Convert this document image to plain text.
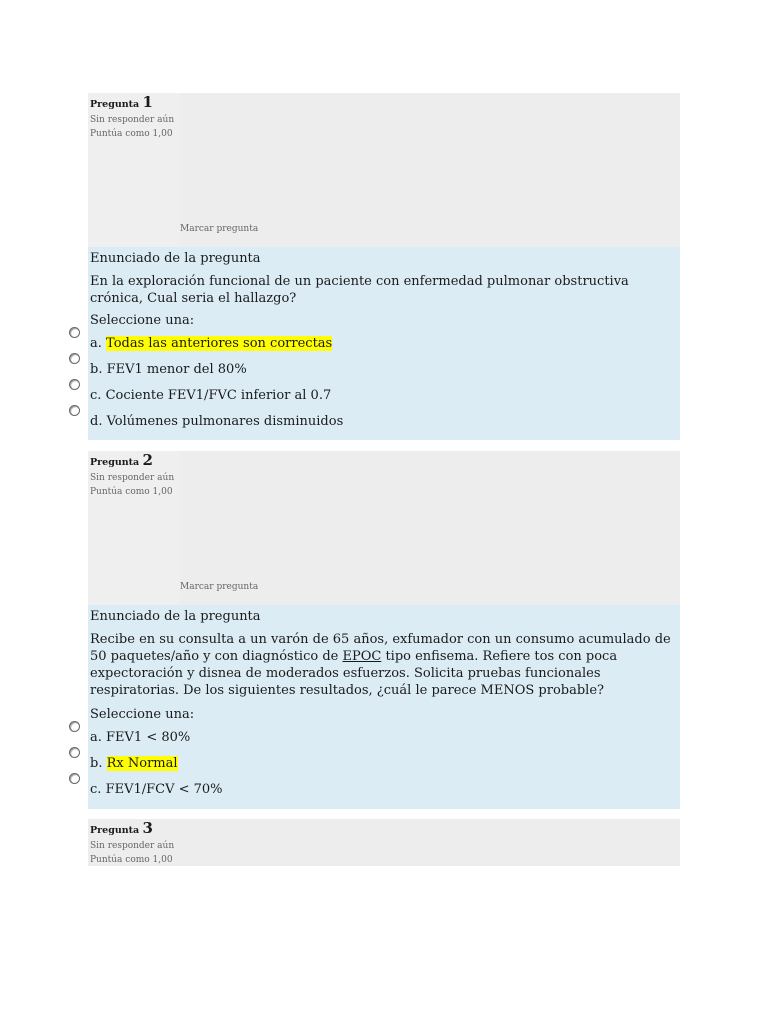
Pregunta 1
Sin responder aún
Puntúa como 1,00
Marcar pregunta
Enunciado de la pregunta
En la exploración funcional de un paciente con enfermedad pulmonar obstructiva crónica, Cual seria el hallazgo?
Seleccione una:
a. Todas las anteriores son correctas
b. FEV1 menor del 80%
c. Cociente FEV1/FVC inferior al 0.7
d. Volúmenes pulmonares disminuidos
Pregunta 2
Sin responder aún
Puntúa como 1,00
Marcar pregunta
Enunciado de la pregunta
Recibe en su consulta a un varón de 65 años, exfumador con un consumo acumulado de 50 paquetes/año y con diagnóstico de EPOC tipo enfisema. Refiere tos con poca expectoración y disnea de moderados esfuerzos. Solicita pruebas funcionales respiratorias. De los siguientes resultados, ¿cuál le parece MENOS probable?
Seleccione una:
a. FEV1 < 80%
b. Rx Normal
c. FEV1/FCV < 70%
Pregunta 3
Sin responder aún
Puntúa como 1,00
